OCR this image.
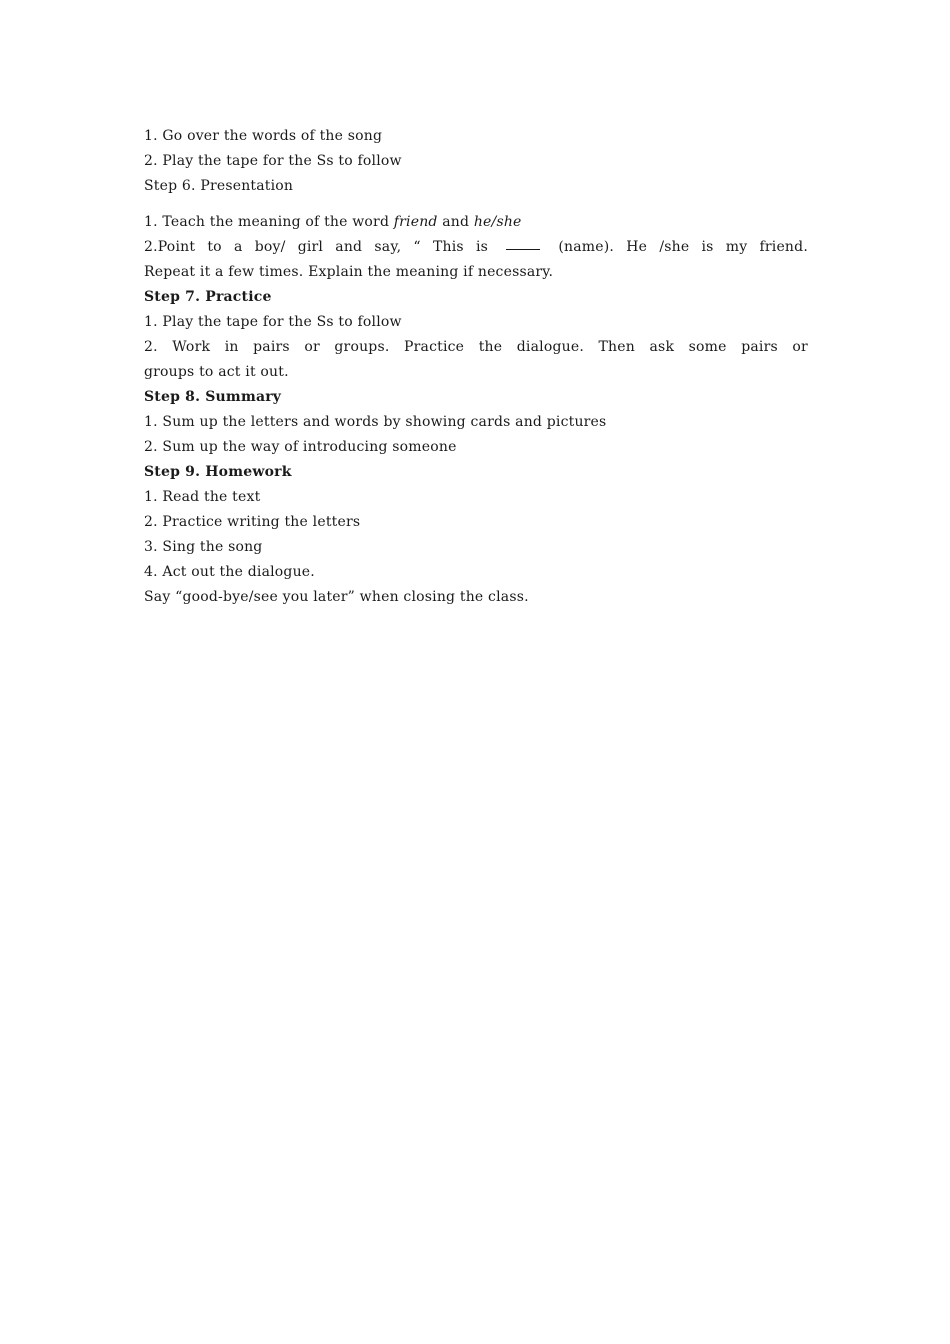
1. Go over the words of the song

2. Play the tape for the Ss to follow

Step 6. Presentation

1. Teach the meaning of the word friend and he/she

2.Point to a boy/ girl and say, “ This is	(name). He /she is my friend.

Repeat it a few times. Explain the meaning if necessary.

Step 7. Practice

1. Play the tape for the Ss to follow

2. Work in pairs or groups. Practice the dialogue. Then ask some pairs or

groups to act it out.

Step 8. Summary

1. Sum up the letters and words by showing cards and pictures

2. Sum up the way of introducing someone

Step 9. Homework

1. Read the text

2. Practice writing the letters

3. Sing the song

4. Act out the dialogue.

Say “good-bye/see you later” when closing the class.
